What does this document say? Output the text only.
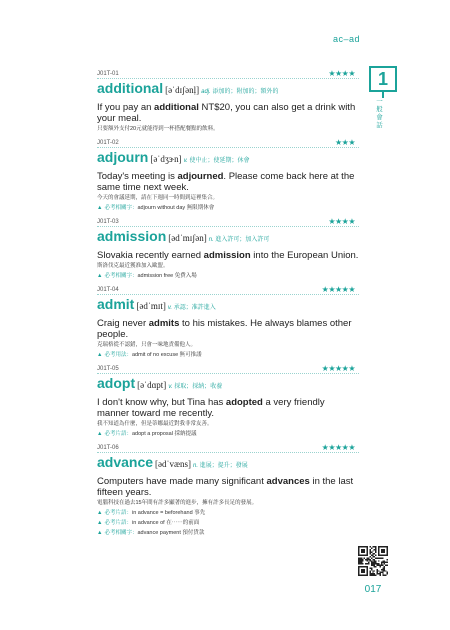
ac–ad
J01T-01	★★★★
additional [əˈdɪʃənḷ] adj. 添加的；附加的；額外的
If you pay an additional NT$20, you can also get a drink with your meal.
只要額外支付20元就能得到一杯搭配餐點的飲料。
J01T-02	★★★
adjourn [əˈdʒɝn] v. 使中止；使延期；休會
Today's meeting is adjourned. Please come back here at the same time next week.
今天的會議延期，請在下週同一時間到這裡集合。
▲ 必考相關字：adjourn without day 無限期休會
J01T-03	★★★★
admission [ədˈmɪʃən] n. 進入許可；加入許可
Slovakia recently earned admission into the European Union.
斯洛伐克最近獲准加入歐盟。
▲ 必考相關字：admission free 免費入場
J01T-04	★★★★★
admit [ədˈmɪt] v. 承認；准許進入
Craig never admits to his mistakes. He always blames other people.
克瑞格從不認錯，只會一味地責備他人。
▲ 必考用法：admit of no excuse 無可推諉
J01T-05	★★★★★
adopt [əˈdɑpt] v. 採取；採納；收養
I don't know why, but Tina has adopted a very friendly manner toward me recently.
我不知道為什麼，但是蒂娜最近對我非常友善。
▲ 必考片語：adopt a proposal 採納提議
J01T-06	★★★★★
advance [ədˈvæns] n. 進展；提升；發展
Computers have made many significant advances in the last fifteen years.
電腦科技在過去15年間有許多顯著的進步，擁有許多長足的發展。
▲ 必考片語：in advance = beforehand 事先
▲ 必考片語：in advance of 在⋯⋯的前面
▲ 必考相關字：advance payment 預付貨款
1
一般會話
017
